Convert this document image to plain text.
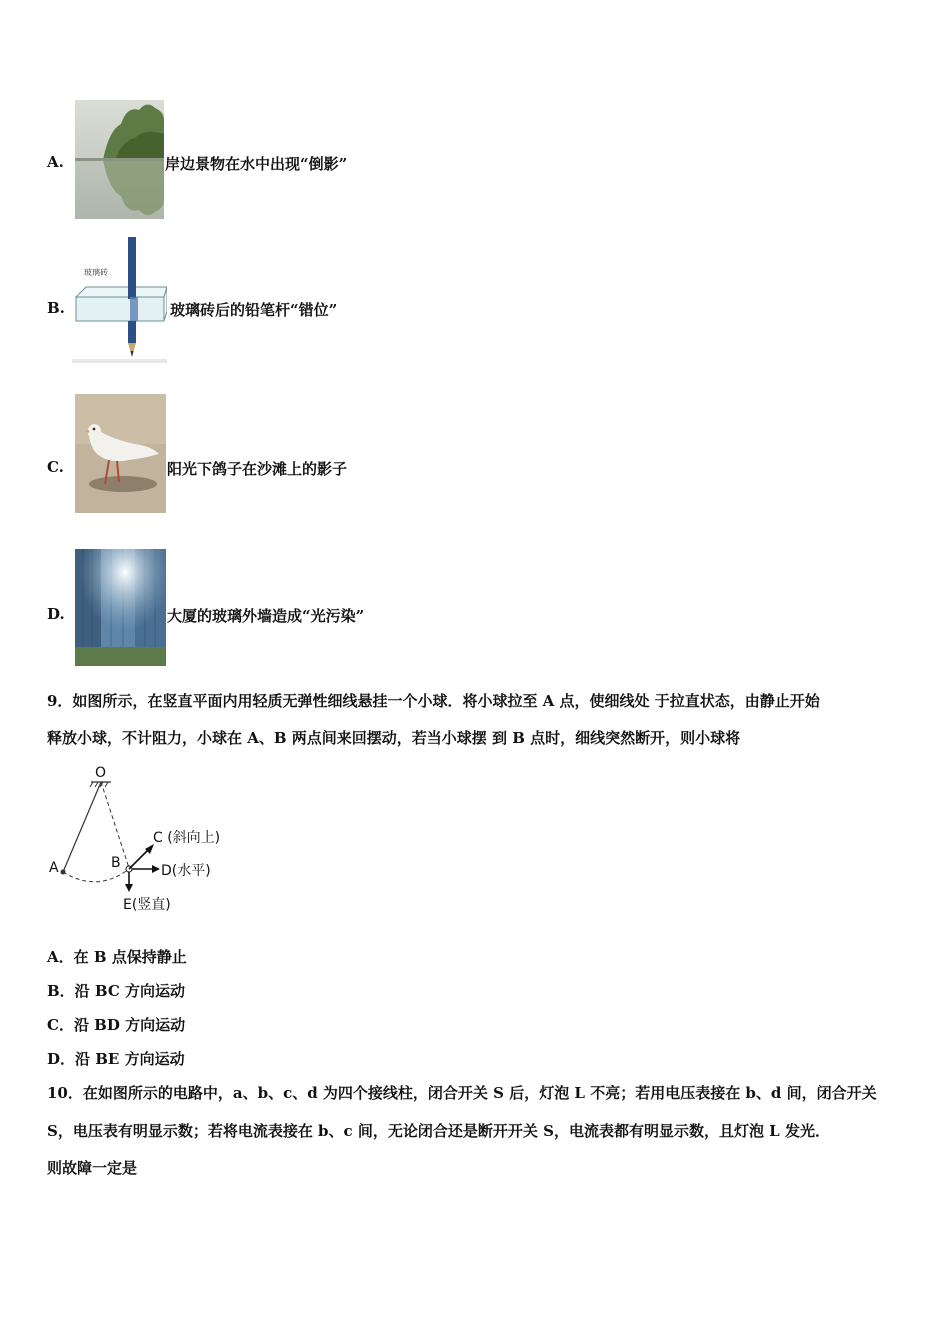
A.	岸边景物在水中出现“倒影”
B.
玻璃砖
玻璃砖后的铅笔杆“错位”
C.	阳光下鸽子在沙滩上的影子
D.	大厦的玻璃外墙造成“光污染”
9．如图所示，在竖直平面内用轻质无弹性细线悬挂一个小球．将小球拉至 A 点，使细线处 于拉直状态，由静止开始
释放小球，不计阻力，小球在 A、B 两点间来回摆动，若当小球摆 到 B 点时，细线突然断开，则小球将
O
A	B
C (斜向上)
D(水平)
E(竖直)
A．在 B 点保持静止
B．沿 BC 方向运动
C．沿 BD 方向运动
D．沿 BE 方向运动
10．在如图所示的电路中，a、b、c、d 为四个接线柱，闭合开关 S 后，灯泡 L 不亮；若用电压表接在 b、d 间，闭合开关
S，电压表有明显示数；若将电流表接在 b、c 间，无论闭合还是断开开关 S，电流表都有明显示数，且灯泡 L 发光．
则故障一定是
